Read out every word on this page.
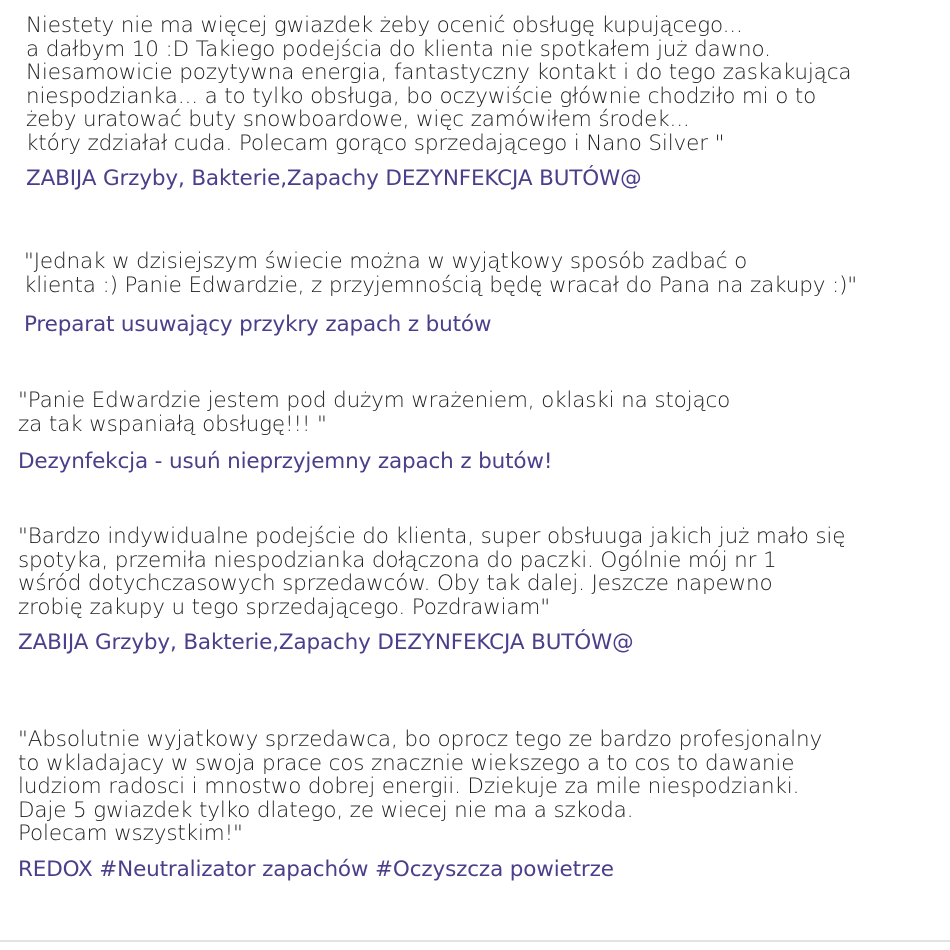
Niestety nie ma więcej gwiazdek żeby ocenić obsługę kupującego...
a dałbym 10 :D Takiego podejścia do klienta nie spotkałem już dawno.
Niesamowicie pozytywna energia, fantastyczny kontakt i do tego zaskakująca
niespodzianka... a to tylko obsługa, bo oczywiście głównie chodziło mi o to
żeby uratować buty snowboardowe, więc zamówiłem środek...
który zdziałał cuda. Polecam gorąco sprzedającego i Nano Silver "

ZABIJA Grzyby, Bakterie,Zapachy DEZYNFEKCJA BUTÓW@

"Jednak w dzisiejszym świecie można w wyjątkowy sposób zadbać o
klienta :) Panie Edwardzie, z przyjemnością będę wracał do Pana na zakupy :)"

Preparat usuwający przykry zapach z butów

"Panie Edwardzie jestem pod dużym wrażeniem, oklaski na stojąco
za tak wspaniałą obsługę!!! "

Dezynfekcja - usuń nieprzyjemny zapach z butów!

"Bardzo indywidualne podejście do klienta, super obsłuuga jakich już mało się
spotyka, przemiła niespodzianka dołączona do paczki. Ogólnie mój nr 1
wśród dotychczasowych sprzedawców. Oby tak dalej. Jeszcze napewno
zrobię zakupy u tego sprzedającego. Pozdrawiam"

ZABIJA Grzyby, Bakterie,Zapachy DEZYNFEKCJA BUTÓW@

"Absolutnie wyjatkowy sprzedawca, bo oprocz tego ze bardzo profesjonalny
to wkladajacy w swoja prace cos znacznie wiekszego a to cos to dawanie
ludziom radosci i mnostwo dobrej energii. Dziekuje za mile niespodzianki.
Daje 5 gwiazdek tylko dlatego, ze wiecej nie ma a szkoda.
Polecam wszystkim!"

REDOX #Neutralizator zapachów #Oczyszcza powietrze
